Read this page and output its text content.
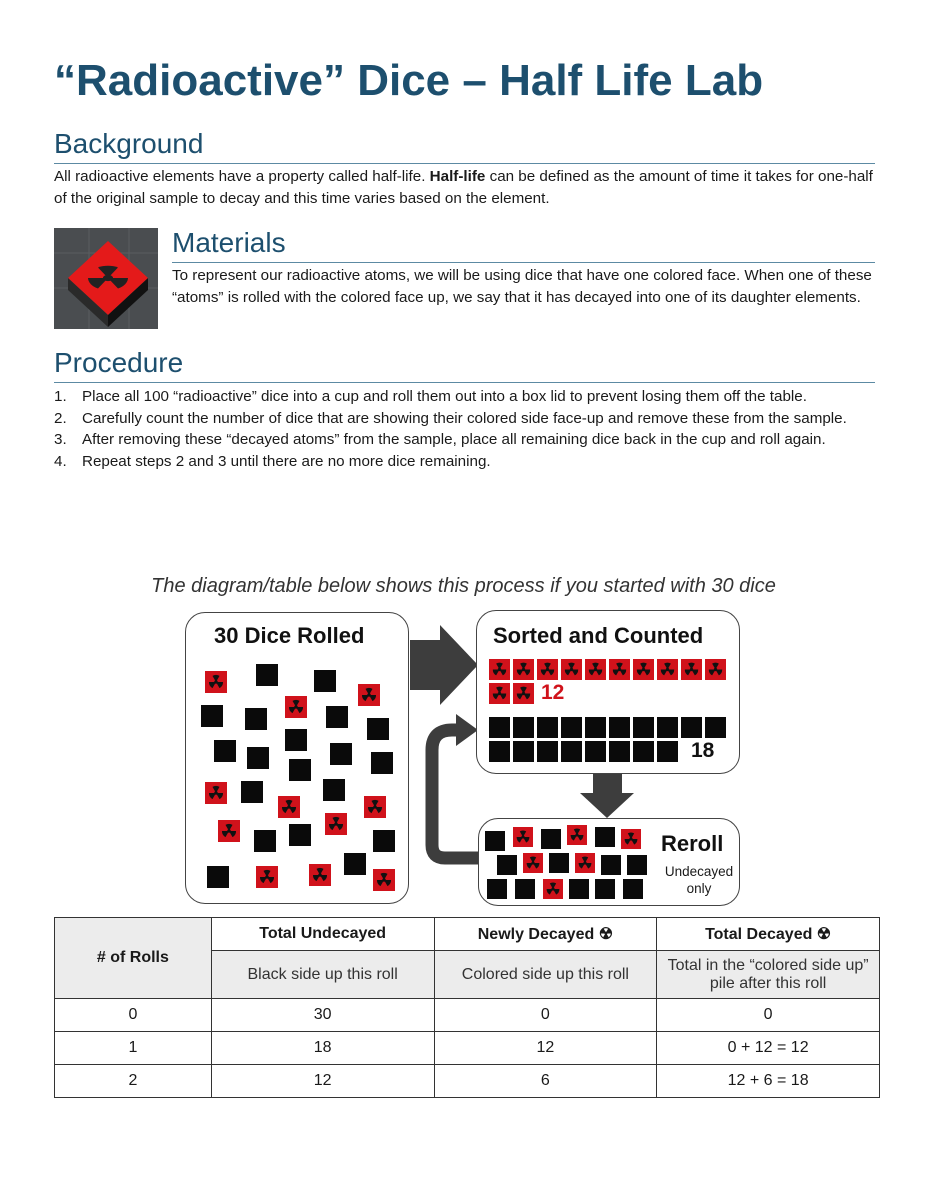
“Radioactive” Dice – Half Life Lab
Background
All radioactive elements have a property called half-life. Half-life can be defined as the amount of time it takes for one-half of the original sample to decay and this time varies based on the element.
Materials
To represent our radioactive atoms, we will be using dice that have one colored face. When one of these “atoms” is rolled with the colored face up, we say that it has decayed into one of its daughter elements.
Procedure
1. Place all 100 “radioactive” dice into a cup and roll them out into a box lid to prevent losing them off the table.
2. Carefully count the number of dice that are showing their colored side face-up and remove these from the sample.
3. After removing these “decayed atoms” from the sample, place all remaining dice back in the cup and roll again.
4. Repeat steps 2 and 3 until there are no more dice remaining.
The diagram/table below shows this process if you started with 30 dice
30 Dice Rolled	Sorted and Counted
12
18
Reroll
Undecayed
only
# of Rolls	Total Undecayed	Newly Decayed ☢	Total Decayed ☢
	Black side up this roll	Colored side up this roll	Total in the “colored side up” pile after this roll
0	30	0	0
1	18	12	0 + 12 = 12
2	12	6	12 + 6 = 18
